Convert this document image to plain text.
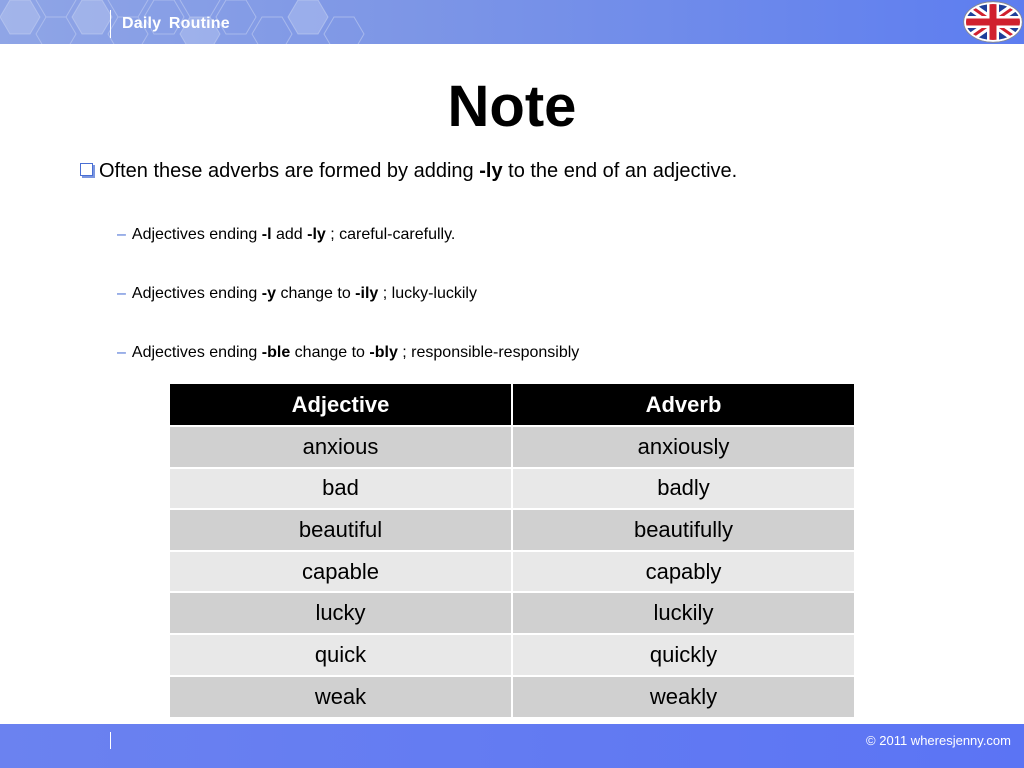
Daily Routine
Note
Often these adverbs are formed by adding -ly to the end of an adjective.
– Adjectives ending -l add -ly ; careful-carefully.
– Adjectives ending -y change to -ily ; lucky-luckily
– Adjectives ending -ble change to -bly ; responsible-responsibly
Adjective	Adverb
anxious	anxiously
bad	badly
beautiful	beautifully
capable	capably
lucky	luckily
quick	quickly
weak	weakly
© 2011 wheresjenny.com
